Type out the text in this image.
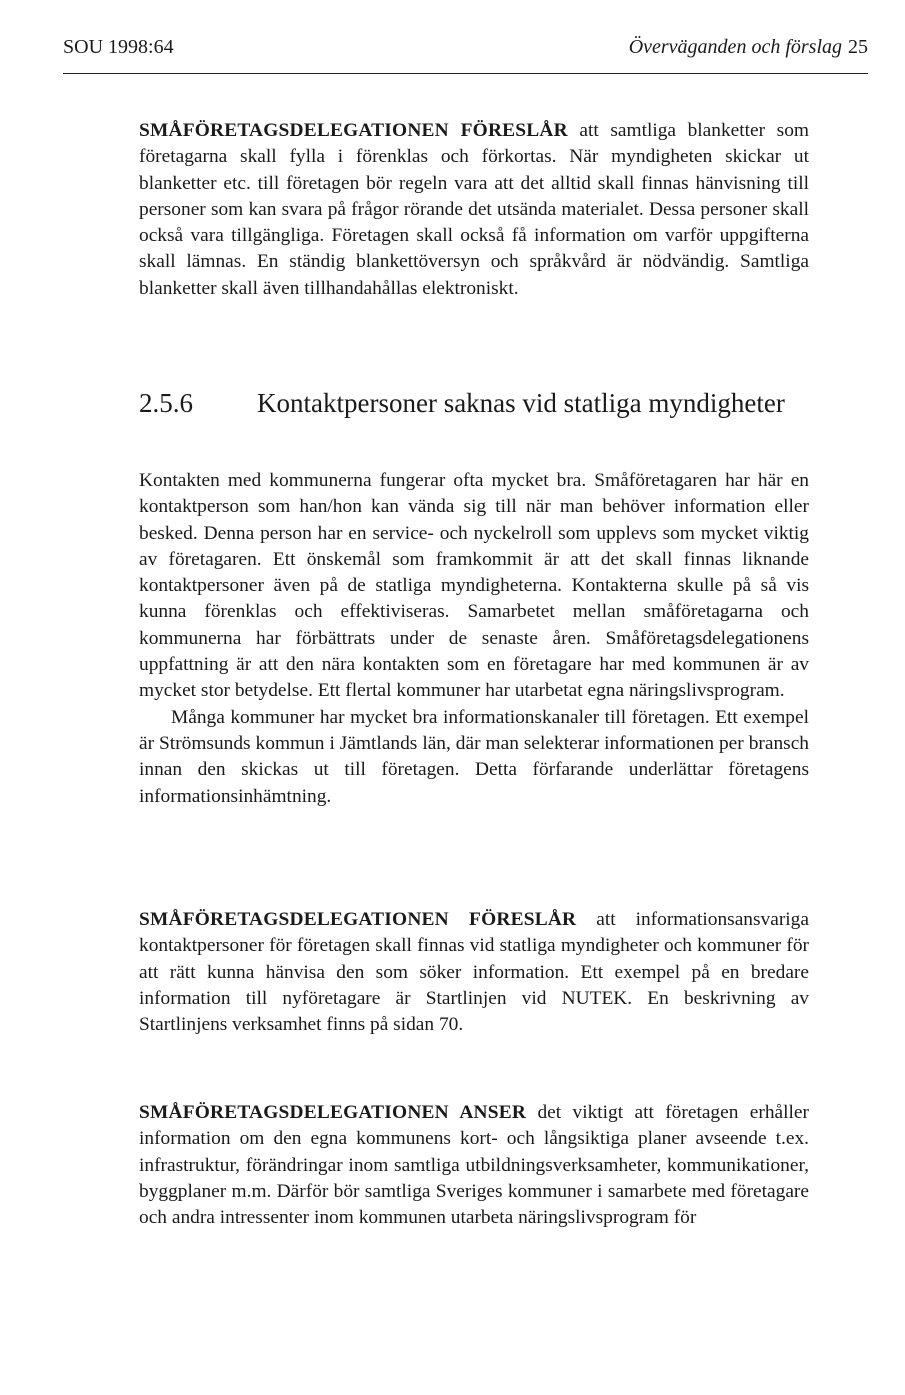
SOU 1998:64	Överväganden och förslag 25

SMÅFÖRETAGSDELEGATIONEN FÖRESLÅR att samtliga blanketter som företagarna skall fylla i förenklas och förkortas. När myndigheten skickar ut blanketter etc. till företagen bör regeln vara att det alltid skall finnas hänvisning till personer som kan svara på frågor rörande det utsända materialet. Dessa personer skall också vara tillgängliga. Företagen skall också få information om varför uppgifterna skall lämnas. En ständig blankettöversyn och språkvård är nödvändig. Samtliga blanketter skall även tillhandahållas elektroniskt.

2.5.6 Kontaktpersoner saknas vid statliga myndigheter

Kontakten med kommunerna fungerar ofta mycket bra. Småföretagaren har här en kontaktperson som han/hon kan vända sig till när man behöver information eller besked. Denna person har en service- och nyckelroll som upplevs som mycket viktig av företagaren. Ett önskemål som framkommit är att det skall finnas liknande kontaktpersoner även på de statliga myndigheterna. Kontakterna skulle på så vis kunna förenklas och effektiviseras. Samarbetet mellan småföretagarna och kommunerna har förbättrats under de senaste åren. Småföretagsdelegationens uppfattning är att den nära kontakten som en företagare har med kommunen är av mycket stor betydelse. Ett flertal kommuner har utarbetat egna näringslivsprogram.

Många kommuner har mycket bra informationskanaler till företagen. Ett exempel är Strömsunds kommun i Jämtlands län, där man selekterar informationen per bransch innan den skickas ut till företagen. Detta förfarande underlättar företagens informationsinhämtning.

SMÅFÖRETAGSDELEGATIONEN FÖRESLÅR att informationsansvariga kontaktpersoner för företagen skall finnas vid statliga myndigheter och kommuner för att rätt kunna hänvisa den som söker information. Ett exempel på en bredare information till nyföretagare är Startlinjen vid NUTEK. En beskrivning av Startlinjens verksamhet finns på sidan 70.

SMÅFÖRETAGSDELEGATIONEN ANSER det viktigt att företagen erhåller information om den egna kommunens kort- och långsiktiga planer avseende t.ex. infrastruktur, förändringar inom samtliga utbildningsverksamheter, kommunikationer, byggplaner m.m. Därför bör samtliga Sveriges kommuner i samarbete med företagare och andra intressenter inom kommunen utarbeta näringslivsprogram för
